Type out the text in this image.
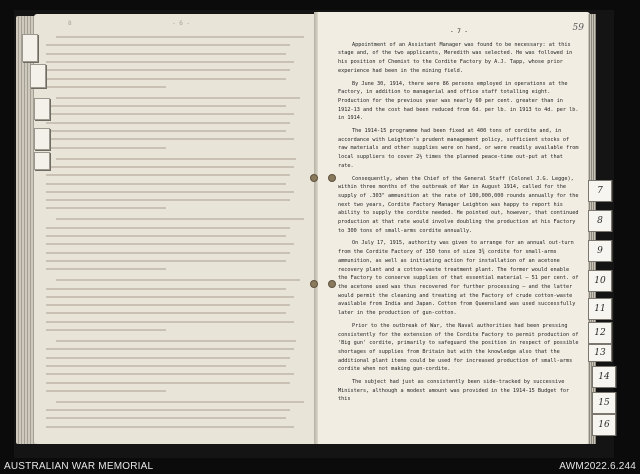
8	- 6 -
- 7 -	59

Appointment of an Assistant Manager was found to be necessary: at this stage and, of the two applicants, Meredith was selected. He was followed in his position of Chemist to the Cordite Factory by A.J. Tapp, whose prior experience had been in the mining field.

By June 30, 1914, there were 86 persons employed in operations at the Factory, in addition to managerial and office staff totalling eight. Production for the previous year was nearly 60 per cent. greater than in 1912-13 and the cost had been reduced from 6d. per lb. in 1913 to 4d. per lb. in 1914.

The 1914-15 programme had been fixed at 400 tons of cordite and, in accordance with Leighton's prudent management policy, sufficient stocks of raw materials and other supplies were on hand, or were readily available from local suppliers to cover 2½ times the planned peace-time out-put at that rate.

Consequently, when the Chief of the General Staff (Colonel J.G. Legge), within three months of the outbreak of War in August 1914, called for the supply of .303" ammunition at the rate of 100,000,000 rounds annually for the next two years, Cordite Factory Manager Leighton was happy to report his ability to supply the cordite needed. He pointed out, however, that continued production at that rate would involve doubling the production at his Factory to 300 tons of small-arms cordite annually.

On July 17, 1915, authority was given to arrange for an annual out-turn from the Cordite Factory of 150 tons of size 3¾ cordite for small-arms ammunition, as well as initiating action for installation of an acetone recovery plant and a cotton-waste treatment plant. The former would enable the Factory to conserve supplies of that essential material — 51 per cent. of the acetone used was thus recovered for further processing — and the latter would permit the cleaning and treating at the Factory of crude cotton-waste available from India and Japan. Cotton from Queensland was used successfully later in the production of gun-cotton.

Prior to the outbreak of War, the Naval authorities had been pressing consistently for the extension of the Cordite Factory to permit production of 'Big gun' cordite, primarily to safeguard the position in respect of possible shortages of supplies from Britain but with the knowledge also that the additional plant items could be used for increased production of small-arms cordite when not making gun-cordite.

The subject had just as consistently been side-tracked by successive Ministers, although a modest amount was provided in the 1914-15 Budget for this

7
8
9
10
11
12
13
14
15
16
AUSTRALIAN WAR MEMORIAL	AWM2022.6.244
